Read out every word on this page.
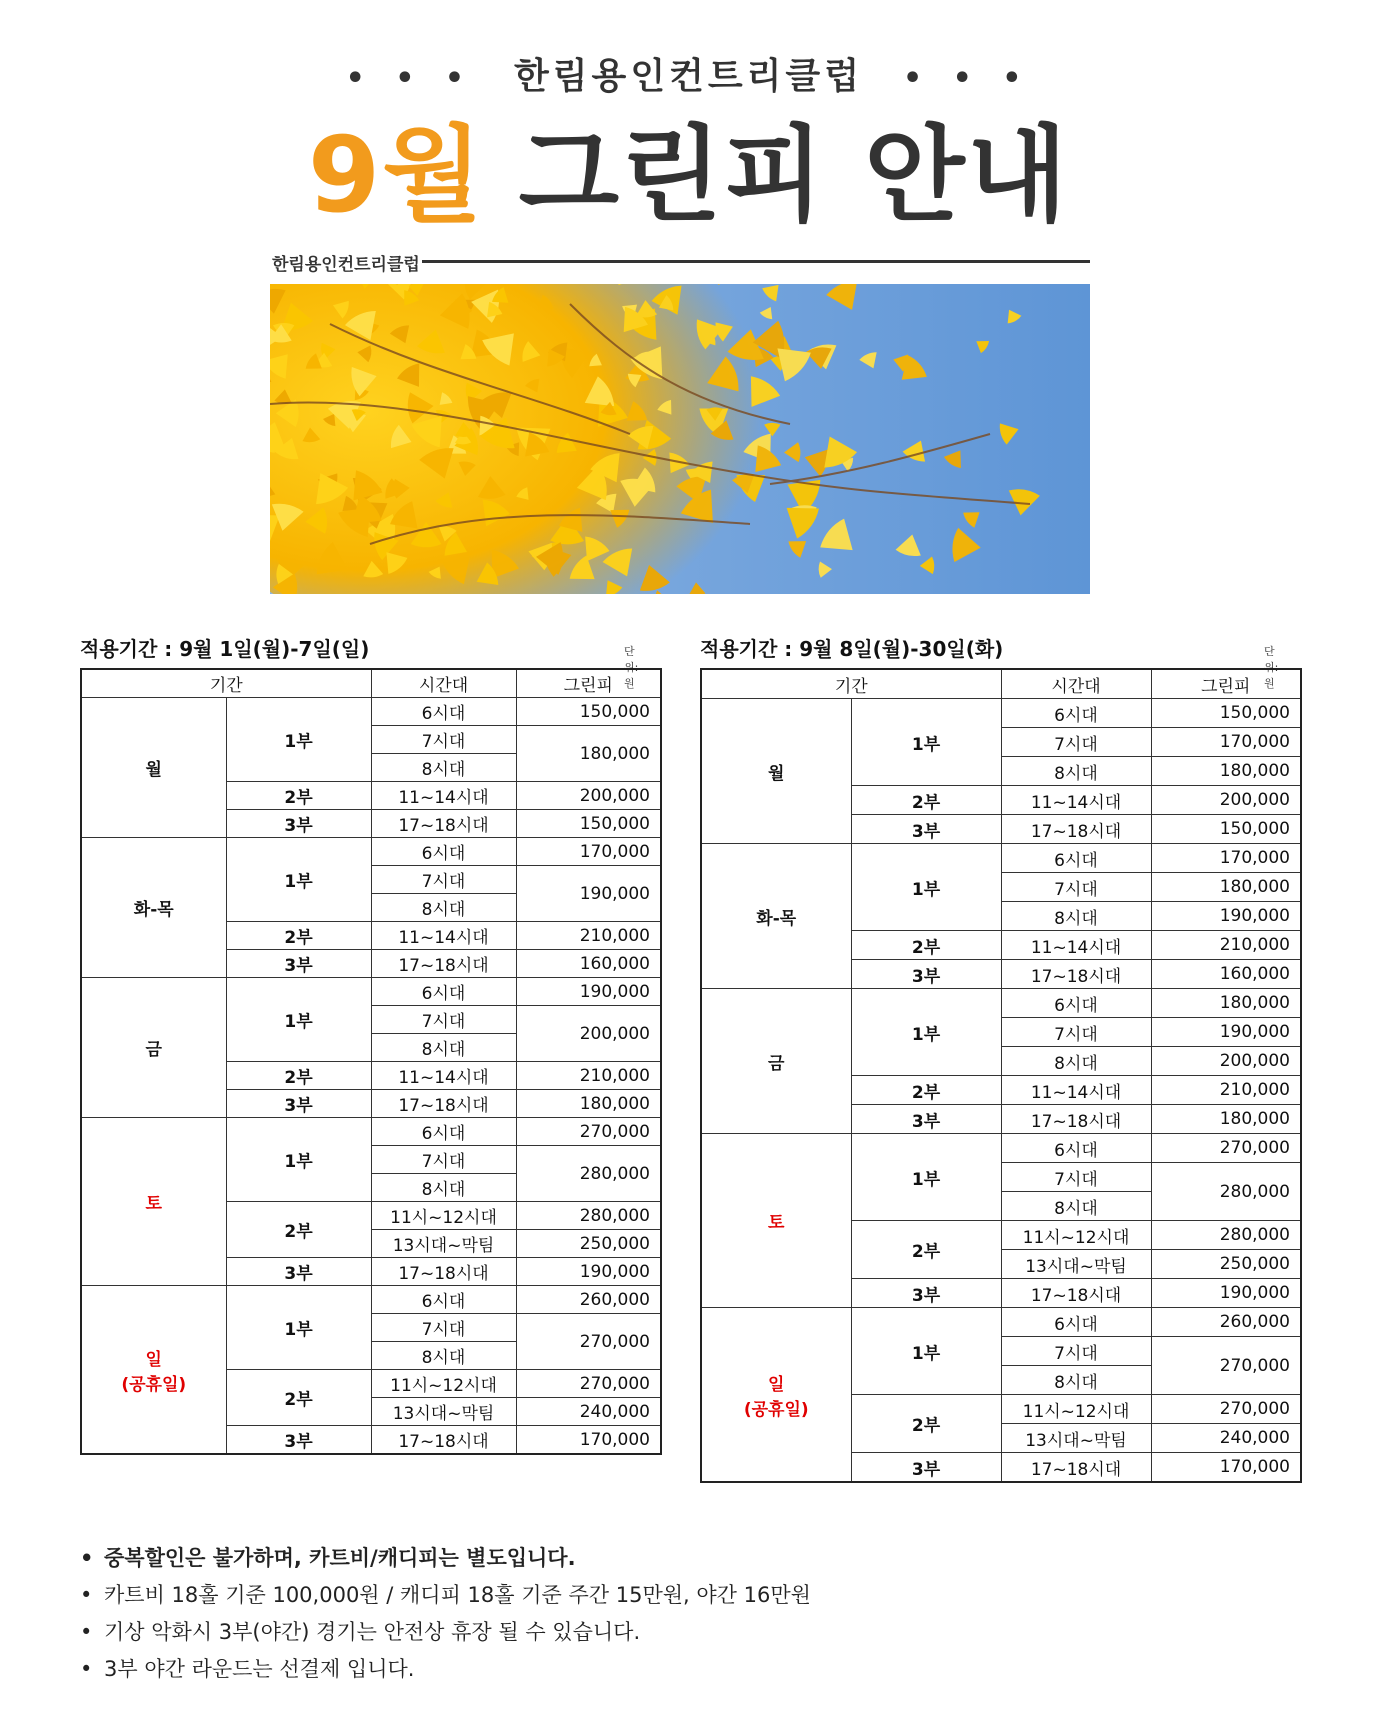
• • • 한림용인컨트리클럽 • • •
9월 그린피 안내
한림용인컨트리클럽
적용기간 : 9월 1일(월)-7일(일)	단위:원
기간		시간대	그린피
월	1부	6시대	150,000
		7시대	180,000
		8시대	
	2부	11~14시대	200,000
	3부	17~18시대	150,000
화-목	1부	6시대	170,000
		7시대	190,000
		8시대	
	2부	11~14시대	210,000
	3부	17~18시대	160,000
금	1부	6시대	190,000
		7시대	200,000
		8시대	
	2부	11~14시대	210,000
	3부	17~18시대	180,000
토	1부	6시대	270,000
		7시대	280,000
		8시대	
	2부	11시~12시대	280,000
		13시대~막팀	250,000
	3부	17~18시대	190,000
일
(공휴일)	1부	6시대	260,000
		7시대	270,000
		8시대	
	2부	11시~12시대	270,000
		13시대~막팀	240,000
	3부	17~18시대	170,000
적용기간 : 9월 8일(월)-30일(화)	단위:원
기간		시간대	그린피
월	1부	6시대	150,000
		7시대	170,000
		8시대	180,000
	2부	11~14시대	200,000
	3부	17~18시대	150,000
화-목	1부	6시대	170,000
		7시대	180,000
		8시대	190,000
	2부	11~14시대	210,000
	3부	17~18시대	160,000
금	1부	6시대	180,000
		7시대	190,000
		8시대	200,000
	2부	11~14시대	210,000
	3부	17~18시대	180,000
토	1부	6시대	270,000
		7시대	280,000
		8시대	
	2부	11시~12시대	280,000
		13시대~막팀	250,000
	3부	17~18시대	190,000
일
(공휴일)	1부	6시대	260,000
		7시대	270,000
		8시대	
	2부	11시~12시대	270,000
		13시대~막팀	240,000
	3부	17~18시대	170,000
• 중복할인은 불가하며, 카트비/캐디피는 별도입니다.
• 카트비 18홀 기준 100,000원 / 캐디피 18홀 기준 주간 15만원, 야간 16만원
• 기상 악화시 3부(야간) 경기는 안전상 휴장 될 수 있습니다.
• 3부 야간 라운드는 선결제 입니다.
